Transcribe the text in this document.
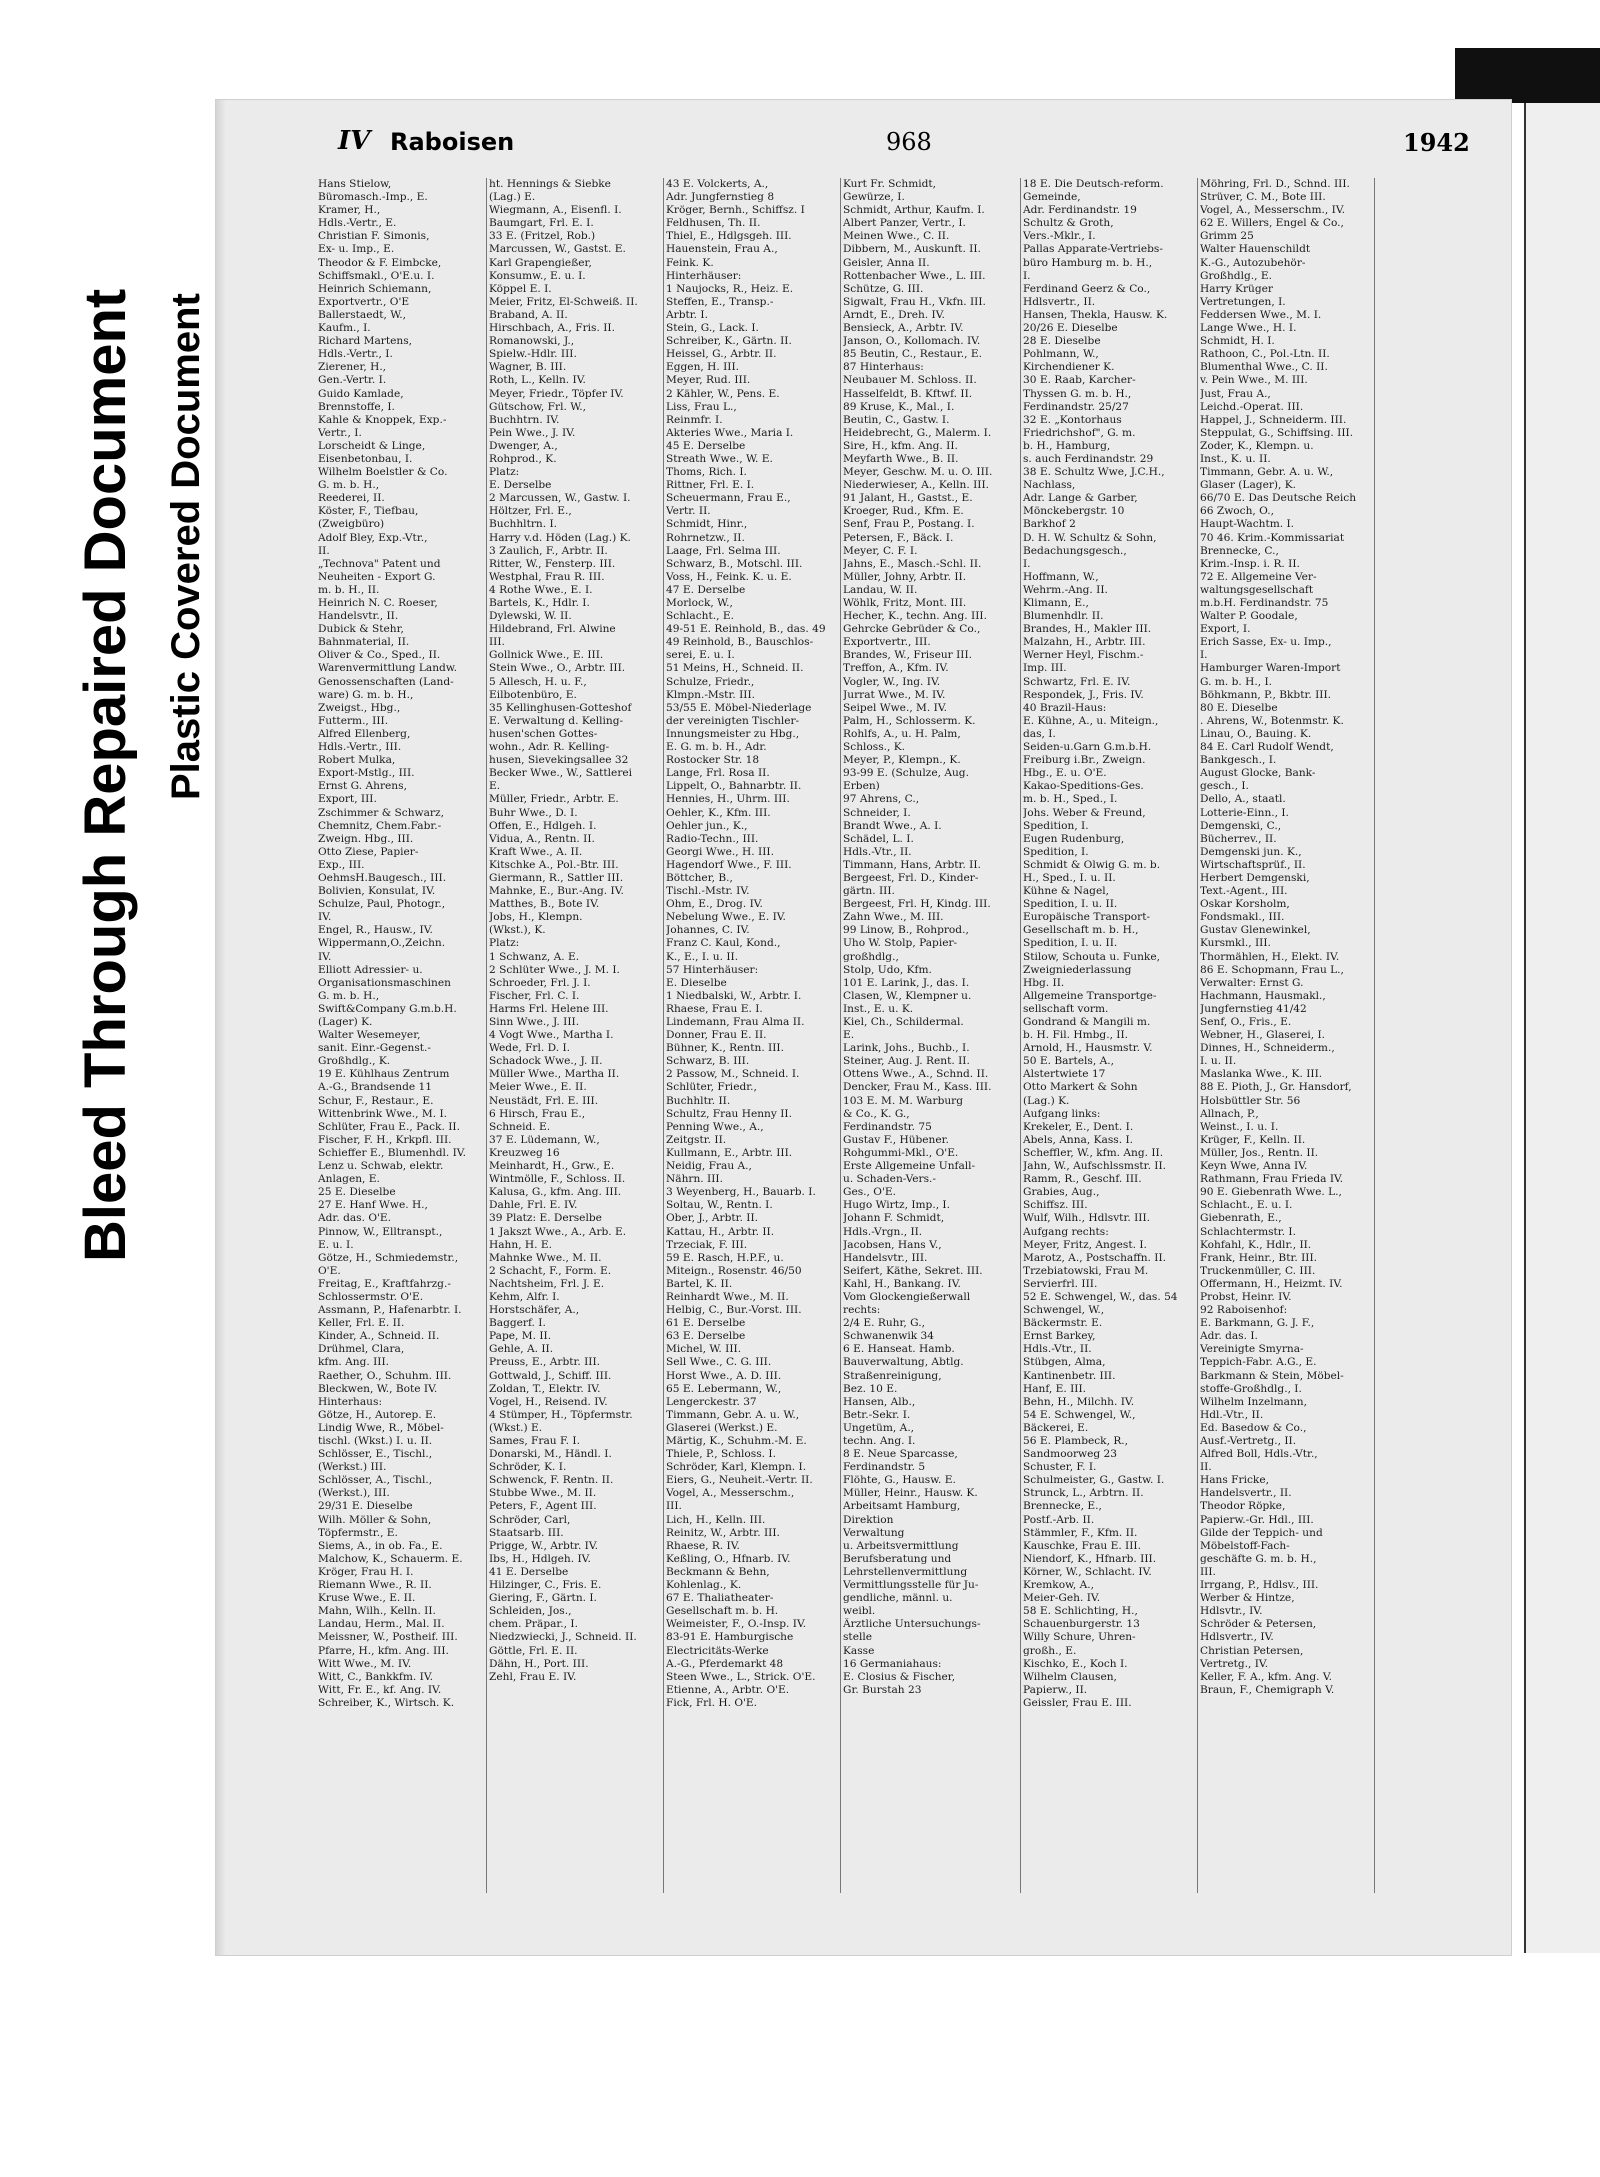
Bleed Through Repaired Document Plastic Covered Document
IV Raboisen	968	1942
Hans Stielow,
Büromasch.-Imp., E.
Kramer, H.,
Hdls.-Vertr., E.
Christian F. Simonis,
Ex- u. Imp., E.
Theodor & F. Eimbcke,
Schiffsmakl., O'E.u. I.
Heinrich Schiemann,
Exportvertr., O'E
Ballerstaedt, W.,
Kaufm., I.
Richard Martens,
Hdls.-Vertr., I.
Zierener, H.,
Gen.-Vertr. I.
Guido Kamlade,
Brennstoffe, I.
Kahle & Knoppek, Exp.-
Vertr., I.
Lorscheidt & Linge,
Eisenbetonbau, I.
Wilhelm Boelstler & Co.
G. m. b. H.,
Reederei, II.
Köster, F., Tiefbau,
(Zweigbüro)
Adolf Bley, Exp.-Vtr.,
II.
„Technova" Patent und
Neuheiten - Export G.
m. b. H., II.
Heinrich N. C. Roeser,
Handelsvtr., II.
Dubick & Stehr,
Bahnmaterial, II.
Oliver & Co., Sped., II.
Warenvermittlung Landw.
Genossenschaften (Land-
ware) G. m. b. H.,
Zweigst., Hbg.,
Futterm., III.
Alfred Ellenberg,
Hdls.-Vertr., III.
Robert Mulka,
Export-Mstlg., III.
Ernst G. Ahrens,
Export, III.
Zschimmer & Schwarz,
Chemnitz, Chem.Fabr.-
Zweign. Hbg., III.
Otto Ziese, Papier-
Exp., III.
OehmsH.Baugesch., III.
Bolivien, Konsulat, IV.
Schulze, Paul, Photogr.,
IV.
Engel, R., Hausw., IV.
Wippermann,O.,Zeichn.
IV.
Elliott Adressier- u.
Organisationsmaschinen
G. m. b. H.,
Swift&Company G.m.b.H.
(Lager) K.
Walter Wesemeyer,
sanit. Einr.-Gegenst.-
Großhdlg., K.
19 E. Kühlhaus Zentrum
A.-G., Brandsende 11
Schur, F., Restaur., E.
Wittenbrink Wwe., M. I.
Schlüter, Frau E., Pack. II.
Fischer, F. H., Krkpfl. III.
Schieffer E., Blumenhdl. IV.
Lenz u. Schwab, elektr.
Anlagen, E.
25 E. Dieselbe
27 E. Hanf Wwe. H.,
Adr. das. O'E.
Pinnow, W., Elltranspt.,
E. u. I.
Götze, H., Schmiedemstr.,
O'E.
Freitag, E., Kraftfahrzg.-
Schlossermstr. O'E.
Assmann, P., Hafenarbtr. I.
Keller, Frl. E. II.
Kinder, A., Schneid. II.
Drühmel, Clara,
kfm. Ang. III.
Raether, O., Schuhm. III.
Bleckwen, W., Bote IV.
Hinterhaus:
Götze, H., Autorep. E.
Lindig Wwe, R., Möbel-
tischl. (Wkst.) I. u. II.
Schlösser, E., Tischl.,
(Werkst.) III.
Schlösser, A., Tischl.,
(Werkst.), III.
29/31 E. Dieselbe
Wilh. Möller & Sohn,
Töpfermstr., E.
Siems, A., in ob. Fa., E.
Malchow, K., Schauerm. E.
Kröger, Frau H. I.
Riemann Wwe., R. II.
Kruse Wwe., E. II.
Mahn, Wilh., Kelln. II.
Landau, Herm., Mal. II.
Meissner, W., Postheif. III.
Pfarre, H., kfm. Ang. III.
Witt Wwe., M. IV.
Witt, C., Bankkfm. IV.
Witt, Fr. E., kf. Ang. IV.
Schreiber, K., Wirtsch. K.
ht. Hennings & Siebke
(Lag.) E.
Wiegmann, A., Eisenfl. I.
Baumgart, Frl. E. I.
33 E. (Fritzel, Rob.)
Marcussen, W., Gastst. E.
Karl Grapengießer,
Konsumw., E. u. I.
Köppel E. I.
Meier, Fritz, El-Schweiß. II.
Braband, A. II.
Hirschbach, A., Fris. II.
Romanowski, J.,
Spielw.-Hdlr. III.
Wagner, B. III.
Roth, L., Kelln. IV.
Meyer, Friedr., Töpfer IV.
Gütschow, Frl. W.,
Buchhtrn. IV.
Pein Wwe., J. IV.
Dwenger, A.,
Rohprod., K.
Platz:
E. Derselbe
2 Marcussen, W., Gastw. I.
Höltzer, Frl. E.,
Buchhltrn. I.
Harry v.d. Höden (Lag.) K.
3 Zaulich, F., Arbtr. II.
Ritter, W., Fensterp. III.
Westphal, Frau R. III.
4 Rothe Wwe., E. I.
Bartels, K., Hdlr. I.
Dylewski, W. II.
Hildebrand, Frl. Alwine
III.
Gollnick Wwe., E. III.
Stein Wwe., O., Arbtr. III.
5 Allesch, H. u. F.,
Eilbotenbüro, E.
35 Kellinghusen-Gotteshof
E. Verwaltung d. Kelling-
husen'schen Gottes-
wohn., Adr. R. Kelling-
husen, Sievekingsallee 32
Becker Wwe., W., Sattlerei
E.
Müller, Friedr., Arbtr. E.
Buhr Wwe., D. I.
Offen, E., Hdlgeh. I.
Vidua, A., Rentn. II.
Kraft Wwe., A. II.
Kitschke A., Pol.-Btr. III.
Giermann, R., Sattler III.
Mahnke, E., Bur.-Ang. IV.
Matthes, B., Bote IV.
Jobs, H., Klempn.
(Wkst.), K.
Platz:
1 Schwanz, A. E.
2 Schlüter Wwe., J. M. I.
Schroeder, Frl. J. I.
Fischer, Frl. C. I.
Harms Frl. Helene III.
Sinn Wwe., J. III.
4 Vogt Wwe., Martha I.
Wede, Frl. D. I.
Schadock Wwe., J. II.
Müller Wwe., Martha II.
Meier Wwe., E. II.
Neustädt, Frl. E. III.
6 Hirsch, Frau E.,
Schneid. E.
37 E. Lüdemann, W.,
Kreuzweg 16
Meinhardt, H., Grw., E.
Wintmölle, F., Schloss. II.
Kalusa, G., kfm. Ang. III.
Dahle, Frl. E. IV.
39 Platz: E. Derselbe
1 Jakszt Wwe., A., Arb. E.
Hahn, H. E.
Mahnke Wwe., M. II.
2 Schacht, F., Form. E.
Nachtsheim, Frl. J. E.
Kehm, Alfr. I.
Horstschäfer, A.,
Baggerf. I.
Pape, M. II.
Gehle, A. II.
Preuss, E., Arbtr. III.
Gottwald, J., Schiff. III.
Zoldan, T., Elektr. IV.
Vogel, H., Reisend. IV.
4 Stümper, H., Töpfermstr.
(Wkst.) E.
Sames, Frau F. I.
Donarski, M., Händl. I.
Schröder, K. I.
Schwenck, F. Rentn. II.
Stubbe Wwe., M. II.
Peters, F., Agent III.
Schröder, Carl,
Staatsarb. III.
Prigge, W., Arbtr. IV.
Ibs, H., Hdlgeh. IV.
41 E. Derselbe
Hilzinger, C., Fris. E.
Giering, F., Gärtn. I.
Schleiden, Jos.,
chem. Präpar., I.
Niedzwiecki, J., Schneid. II.
Göttle, Frl. E. II.
Dähn, H., Port. III.
Zehl, Frau E. IV.
43 E. Volckerts, A.,
Adr. Jungfernstieg 8
Kröger, Bernh., Schiffsz. I
Feldhusen, Th. II.
Thiel, E., Hdlgsgeh. III.
Hauenstein, Frau A.,
Feink. K.
Hinterhäuser:
1 Naujocks, R., Heiz. E.
Steffen, E., Transp.-
Arbtr. I.
Stein, G., Lack. I.
Schreiber, K., Gärtn. II.
Heissel, G., Arbtr. II.
Eggen, H. III.
Meyer, Rud. III.
2 Kähler, W., Pens. E.
Liss, Frau L.,
Reinmfr. I.
Akteries Wwe., Maria I.
45 E. Derselbe
Streath Wwe., W. E.
Thoms, Rich. I.
Rittner, Frl. E. I.
Scheuermann, Frau E.,
Vertr. II.
Schmidt, Hinr.,
Rohrnetzw., II.
Laage, Frl. Selma III.
Schwarz, B., Motschl. III.
Voss, H., Feink. K. u. E.
47 E. Derselbe
Morlock, W.,
Schlacht., E.
49-51 E. Reinhold, B., das. 49
49 Reinhold, B., Bauschlos-
serei, E. u. I.
51 Meins, H., Schneid. II.
Schulze, Friedr.,
Klmpn.-Mstr. III.
53/55 E. Möbel-Niederlage
der vereinigten Tischler-
Innungsmeister zu Hbg.,
E. G. m. b. H., Adr.
Rostocker Str. 18
Lange, Frl. Rosa II.
Lippelt, O., Bahnarbtr. II.
Hennies, H., Uhrm. III.
Oehler, K., Kfm. III.
Oehler jun., K.,
Radio-Techn., III.
Georgi Wwe., H. III.
Hagendorf Wwe., F. III.
Böttcher, B.,
Tischl.-Mstr. IV.
Ohm, E., Drog. IV.
Nebelung Wwe., E. IV.
Johannes, C. IV.
Franz C. Kaul, Kond.,
K., E., I. u. II.
57 Hinterhäuser:
E. Dieselbe
1 Niedbalski, W., Arbtr. I.
Rhaese, Frau E. I.
Lindemann, Frau Alma II.
Donner, Frau E. II.
Bühner, K., Rentn. III.
Schwarz, B. III.
2 Passow, M., Schneid. I.
Schlüter, Friedr.,
Buchhltr. II.
Schultz, Frau Henny II.
Penning Wwe., A.,
Zeitgstr. II.
Kullmann, E., Arbtr. III.
Neidig, Frau A.,
Nährn. III.
3 Weyenberg, H., Bauarb. I.
Soltau, W., Rentn. I.
Ober, J., Arbtr. II.
Kattau, H., Arbtr. II.
Trzeciak, F. III.
59 E. Rasch, H.P.F., u.
Miteign., Rosenstr. 46/50
Bartel, K. II.
Reinhardt Wwe., M. II.
Helbig, C., Bur.-Vorst. III.
61 E. Derselbe
63 E. Derselbe
Michel, W. III.
Sell Wwe., C. G. III.
Horst Wwe., A. D. III.
65 E. Lebermann, W.,
Lengerckestr. 37
Timmann, Gebr. A. u. W.,
Glaserei (Werkst.) E.
Märtig, K., Schuhm.-M. E.
Thiele, P., Schloss. I.
Schröder, Karl, Klempn. I.
Eiers, G., Neuheit.-Vertr. II.
Vogel, A., Messerschm.,
III.
Lich, H., Kelln. III.
Reinitz, W., Arbtr. III.
Rhaese, R. IV.
Keßling, O., Hfnarb. IV.
Beckmann & Behn,
Kohlenlag., K.
67 E. Thaliatheater-
Gesellschaft m. b. H.
Weimeister, F., O.-Insp. IV.
83-91 E. Hamburgische
Electricitäts-Werke
A.-G., Pferdemarkt 48
Steen Wwe., L., Strick. O'E.
Etienne, A., Arbtr. O'E.
Fick, Frl. H. O'E.
Kurt Fr. Schmidt,
Gewürze, I.
Schmidt, Arthur, Kaufm. I.
Albert Panzer, Vertr., I.
Meinen Wwe., C. II.
Dibbern, M., Auskunft. II.
Geisler, Anna II.
Rottenbacher Wwe., L. III.
Schütze, G. III.
Sigwalt, Frau H., Vkfn. III.
Arndt, E., Dreh. IV.
Bensieck, A., Arbtr. IV.
Janson, O., Kollomach. IV.
85 Beutin, C., Restaur., E.
87 Hinterhaus:
Neubauer M. Schloss. II.
Hasselfeldt, B. Kftwf. II.
89 Kruse, K., Mal., I.
Beutin, C., Gastw. I.
Heidebrecht, G., Malerm. I.
Sire, H., kfm. Ang. II.
Meyfarth Wwe., B. II.
Meyer, Geschw. M. u. O. III.
Niederwieser, A., Kelln. III.
91 Jalant, H., Gastst., E.
Kroeger, Rud., Kfm. E.
Senf, Frau P., Postang. I.
Petersen, F., Bäck. I.
Meyer, C. F. I.
Jahns, E., Masch.-Schl. II.
Müller, Johny, Arbtr. II.
Landau, W. II.
Wöhlk, Fritz, Mont. III.
Hecher, K., techn. Ang. III.
Gehrcke Gebrüder & Co.,
Exportvertr., III.
Brandes, W., Friseur III.
Treffon, A., Kfm. IV.
Vogler, W., Ing. IV.
Jurrat Wwe., M. IV.
Seipel Wwe., M. IV.
Palm, H., Schlosserm. K.
Rohlfs, A., u. H. Palm,
Schloss., K.
Meyer, P., Klempn., K.
93-99 E. (Schulze, Aug.
Erben)
97 Ahrens, C.,
Schneider, I.
Brandt Wwe., A. I.
Schädel, L. I.
Hdls.-Vtr., II.
Timmann, Hans, Arbtr. II.
Bergeest, Frl. D., Kinder-
gärtn. III.
Bergeest, Frl. H, Kindg. III.
Zahn Wwe., M. III.
99 Linow, B., Rohprod.,
Uho W. Stolp, Papier-
großhdlg.,
Stolp, Udo, Kfm.
101 E. Larink, J., das. I.
Clasen, W., Klempner u.
Inst., E. u. K.
Kiel, Ch., Schildermal.
E.
Larink, Johs., Buchb., I.
Steiner, Aug. J. Rent. II.
Ottens Wwe., A., Schnd. II.
Dencker, Frau M., Kass. III.
103 E. M. M. Warburg
& Co., K. G.,
Ferdinandstr. 75
Gustav F., Hübener.
Rohgummi-Mkl., O'E.
Erste Allgemeine Unfall-
u. Schaden-Vers.-
Ges., O'E.
Hugo Wirtz, Imp., I.
Johann F. Schmidt,
Hdls.-Vrgn., II.
Jacobsen, Hans V.,
Handelsvtr., III.
Seifert, Käthe, Sekret. III.
Kahl, H., Bankang. IV.
Vom Glockengießerwall
rechts:
2/4 E. Ruhr, G.,
Schwanenwik 34
6 E. Hanseat. Hamb.
Bauverwaltung, Abtlg.
Straßenreinigung,
Bez. 10 E.
Hansen, Alb.,
Betr.-Sekr. I.
Ungetüm, A.,
techn. Ang. I.
8 E. Neue Sparcasse,
Ferdinandstr. 5
Flöhte, G., Hausw. E.
Müller, Heinr., Hausw. K.
Arbeitsamt Hamburg,
Direktion
Verwaltung
u. Arbeitsvermittlung
Berufsberatung und
Lehrstellenvermittlung
Vermittlungsstelle für Ju-
gendliche, männl. u.
weibl.
Ärztliche Untersuchungs-
stelle
Kasse
16 Germaniahaus:
E. Closius & Fischer,
Gr. Burstah 23
18 E. Die Deutsch-reform.
Gemeinde,
Adr. Ferdinandstr. 19
Schultz & Groth,
Vers.-Mklr., I.
Pallas Apparate-Vertriebs-
büro Hamburg m. b. H.,
I.
Ferdinand Geerz & Co.,
Hdlsvertr., II.
Hansen, Thekla, Hausw. K.
20/26 E. Dieselbe
28 E. Dieselbe
Pohlmann, W.,
Kirchendiener K.
30 E. Raab, Karcher-
Thyssen G. m. b. H.,
Ferdinandstr. 25/27
32 E. „Kontorhaus
Friedrichshof", G. m.
b. H., Hamburg,
s. auch Ferdinandstr. 29
38 E. Schultz Wwe, J.C.H.,
Nachlass,
Adr. Lange & Garber,
Mönckebergstr. 10
Barkhof 2
D. H. W. Schultz & Sohn,
Bedachungsgesch.,
I.
Hoffmann, W.,
Wehrm.-Ang. II.
Klimann, E.,
Blumenhdlr. II.
Brandes, H., Makler III.
Malzahn, H., Arbtr. III.
Werner Heyl, Fischm.-
Imp. III.
Schwartz, Frl. E. IV.
Respondek, J., Fris. IV.
40 Brazil-Haus:
E. Kühne, A., u. Miteign.,
das, I.
Seiden-u.Garn G.m.b.H.
Freiburg i.Br., Zweign.
Hbg., E. u. O'E.
Kakao-Speditions-Ges.
m. b. H., Sped., I.
Johs. Weber & Freund,
Spedition, I.
Eugen Rudenburg,
Spedition, I.
Schmidt & Olwig G. m. b.
H., Sped., I. u. II.
Kühne & Nagel,
Spedition, I. u. II.
Europäische Transport-
Gesellschaft m. b. H.,
Spedition, I. u. II.
Stilow, Schouta u. Funke,
Zweigniederlassung
Hbg. II.
Allgemeine Transportge-
sellschaft vorm.
Gondrand & Mangili m.
b. H. Fil. Hmbg., II.
Arnold, H., Hausmstr. V.
50 E. Bartels, A.,
Alstertwiete 17
Otto Markert & Sohn
(Lag.) K.
Aufgang links:
Krekeler, E., Dent. I.
Abels, Anna, Kass. I.
Scheffler, W., kfm. Ang. II.
Jahn, W., Aufschlssmstr. II.
Ramm, R., Geschf. III.
Grabies, Aug.,
Schiffsz. III.
Wulf, Wilh., Hdlsvtr. III.
Aufgang rechts:
Meyer, Fritz, Angest. I.
Marotz, A., Postschaffn. II.
Trzebiatowski, Frau M.
Servierfrl. III.
52 E. Schwengel, W., das. 54
Schwengel, W.,
Bäckermstr. E.
Ernst Barkey,
Hdls.-Vtr., II.
Stübgen, Alma,
Kantinenbetr. III.
Hanf, E. III.
Behn, H., Milchh. IV.
54 E. Schwengel, W.,
Bäckerei, E.
56 E. Plambeck, R.,
Sandmoorweg 23
Schuster, F. I.
Schulmeister, G., Gastw. I.
Strunck, L., Arbtrn. II.
Brennecke, E.,
Postf.-Arb. II.
Stämmler, F., Kfm. II.
Kauschke, Frau E. III.
Niendorf, K., Hfnarb. III.
Körner, W., Schlacht. IV.
Kremkow, A.,
Meier-Geh. IV.
58 E. Schlichting, H.,
Schauenburgerstr. 13
Willy Schure, Uhren-
großh., E.
Kischko, E., Koch I.
Wilhelm Clausen,
Papierw., II.
Geissler, Frau E. III.
Möhring, Frl. D., Schnd. III.
Strüver, C. M., Bote III.
Vogel, A., Messerschm., IV.
62 E. Willers, Engel & Co.,
Grimm 25
Walter Hauenschildt
K.-G., Autozubehör-
Großhdlg., E.
Harry Krüger
Vertretungen, I.
Feddersen Wwe., M. I.
Lange Wwe., H. I.
Schmidt, H. I.
Rathoon, C., Pol.-Ltn. II.
Blumenthal Wwe., C. II.
v. Pein Wwe., M. III.
Just, Frau A.,
Leichd.-Operat. III.
Happel, J., Schneiderm. III.
Steppulat, G., Schiffsing. III.
Zoder, K., Klempn. u.
Inst., K. u. II.
Timmann, Gebr. A. u. W.,
Glaser (Lager), K.
66/70 E. Das Deutsche Reich
66 Zwoch, O.,
Haupt-Wachtm. I.
70 46. Krim.-Kommissariat
Brennecke, C.,
Krim.-Insp. i. R. II.
72 E. Allgemeine Ver-
waltungsgesellschaft
m.b.H. Ferdinandstr. 75
Walter P. Goodale,
Export, I.
Erich Sasse, Ex- u. Imp.,
I.
Hamburger Waren-Import
G. m. b. H., I.
Böhkmann, P., Bkbtr. III.
80 E. Dieselbe
. Ahrens, W., Botenmstr. K.
Linau, O., Bauing. K.
84 E. Carl Rudolf Wendt,
Bankgesch., I.
August Glocke, Bank-
gesch., I.
Dello, A., staatl.
Lotterie-Einn., I.
Demgenski, C.,
Bücherrev., II.
Demgenski jun. K.,
Wirtschaftsprüf., II.
Herbert Demgenski,
Text.-Agent., III.
Oskar Korsholm,
Fondsmakl., III.
Gustav Glenewinkel,
Kursmkl., III.
Thormählen, H., Elekt. IV.
86 E. Schopmann, Frau L.,
Verwalter: Ernst G.
Hachmann, Hausmakl.,
Jungfernstieg 41/42
Senf, O., Fris., E.
Webner, H., Glaserei, I.
Dinnes, H., Schneiderm.,
I. u. II.
Maslanka Wwe., K. III.
88 E. Pioth, J., Gr. Hansdorf,
Holsbüttler Str. 56
Allnach, P.,
Weinst., I. u. I.
Krüger, F., Kelln. II.
Müller, Jos., Rentn. II.
Keyn Wwe, Anna IV.
Rathmann, Frau Frieda IV.
90 E. Giebenrath Wwe. L.,
Schlacht., E. u. I.
Giebenrath, E.,
Schlachtermstr. I.
Kohfahl, K., Hdlr., II.
Frank, Heinr., Btr. III.
Truckenmüller, C. III.
Offermann, H., Heizmt. IV.
Probst, Heinr. IV.
92 Raboisenhof:
E. Barkmann, G. J. F.,
Adr. das. I.
Vereinigte Smyrna-
Teppich-Fabr. A.G., E.
Barkmann & Stein, Möbel-
stoffe-Großhdlg., I.
Wilhelm Inzelmann,
Hdl.-Vtr., II.
Ed. Basedow & Co.,
Ausf.-Vertretg., II.
Alfred Boll, Hdls.-Vtr.,
II.
Hans Fricke,
Handelsvertr., II.
Theodor Röpke,
Papierw.-Gr. Hdl., III.
Gilde der Teppich- und
Möbelstoff-Fach-
geschäfte G. m. b. H.,
III.
Irrgang, P., Hdlsv., III.
Werber & Hintze,
Hdlsvtr., IV.
Schröder & Petersen,
Hdlsvertr., IV.
Christian Petersen,
Vertretg., IV.
Keller, F. A., kfm. Ang. V.
Braun, F., Chemigraph V.
